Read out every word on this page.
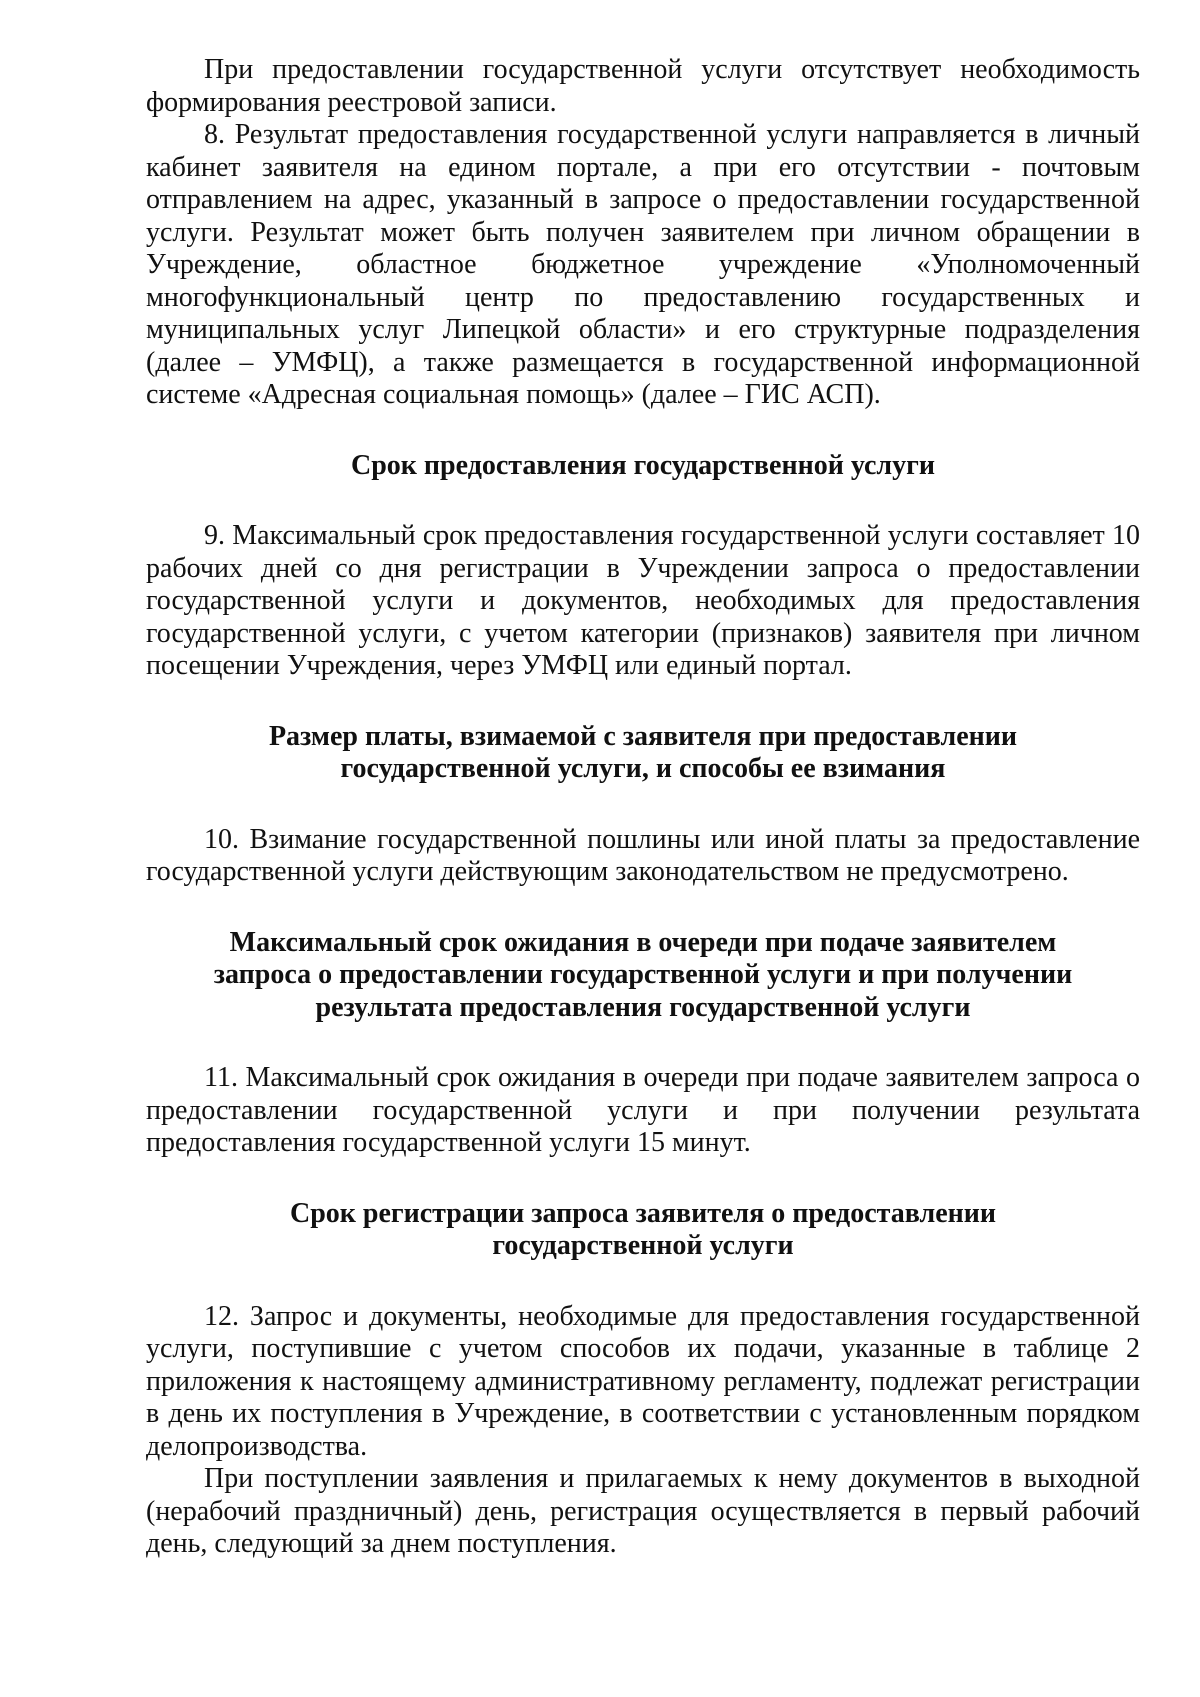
При предоставлении государственной услуги отсутствует необходимость формирования реестровой записи.

8. Результат предоставления государственной услуги направляется в личный кабинет заявителя на едином портале, а при его отсутствии - почтовым отправлением на адрес, указанный в запросе о предоставлении государственной услуги. Результат может быть получен заявителем при личном обращении в Учреждение, областное бюджетное учреждение «Уполномоченный многофункциональный центр по предоставлению государственных и муниципальных услуг Липецкой области» и его структурные подразделения (далее – УМФЦ), а также размещается в государственной информационной системе «Адресная социальная помощь» (далее – ГИС АСП).

Срок предоставления государственной услуги

9. Максимальный срок предоставления государственной услуги составляет 10 рабочих дней со дня регистрации в Учреждении запроса о предоставлении государственной услуги и документов, необходимых для предоставления государственной услуги, с учетом категории (признаков) заявителя при личном посещении Учреждения, через УМФЦ или единый портал.

Размер платы, взимаемой с заявителя при предоставлении

государственной услуги, и способы ее взимания

10. Взимание государственной пошлины или иной платы за предоставление государственной услуги действующим законодательством не предусмотрено.

Максимальный срок ожидания в очереди при подаче заявителем

запроса о предоставлении государственной услуги и при получении

результата предоставления государственной услуги

11. Максимальный срок ожидания в очереди при подаче заявителем запроса о предоставлении государственной услуги и при получении результата предоставления государственной услуги 15 минут.

Срок регистрации запроса заявителя о предоставлении

государственной услуги

12. Запрос и документы, необходимые для предоставления государственной услуги, поступившие с учетом способов их подачи, указанные в таблице 2 приложения к настоящему административному регламенту, подлежат регистрации в день их поступления в Учреждение, в соответствии с установленным порядком делопроизводства.

При поступлении заявления и прилагаемых к нему документов в выходной (нерабочий праздничный) день, регистрация осуществляется в первый рабочий день, следующий за днем поступления.
